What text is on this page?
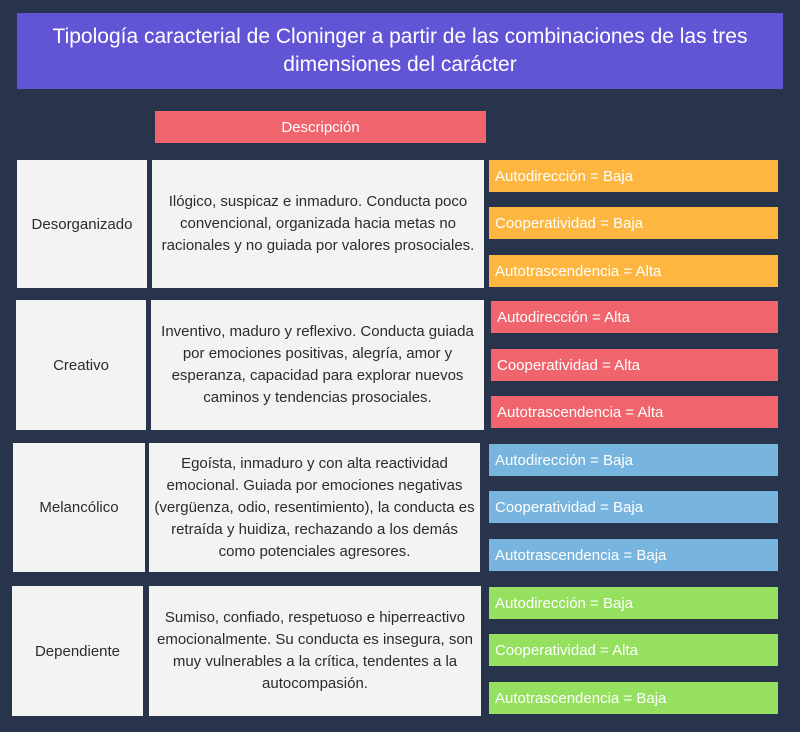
Tipología caracterial de Cloninger a partir de las combinaciones de las tres dimensiones del carácter
Descripción
Desorganizado
Ilógico, suspicaz e inmaduro. Conducta poco convencional, organizada hacia metas no racionales y no guiada por valores prosociales.
Autodirección = Baja
Cooperatividad = Baja
Autotrascendencia = Alta
Creativo
Inventivo, maduro y reflexivo. Conducta guiada por emociones positivas, alegría, amor y esperanza, capacidad para explorar nuevos caminos y tendencias prosociales.
Autodirección = Alta
Cooperatividad = Alta
Autotrascendencia = Alta
Melancólico
Egoísta, inmaduro y con alta reactividad emocional. Guiada por emociones negativas (vergüenza, odio, resentimiento), la conducta es retraída y huidiza, rechazando a los demás como potenciales agresores.
Autodirección = Baja
Cooperatividad = Baja
Autotrascendencia = Baja
Dependiente
Sumiso, confiado, respetuoso e hiperreactivo emocionalmente. Su conducta es insegura, son muy vulnerables a la crítica, tendentes a la autocompasión.
Autodirección = Baja
Cooperatividad = Alta
Autotrascendencia = Baja
